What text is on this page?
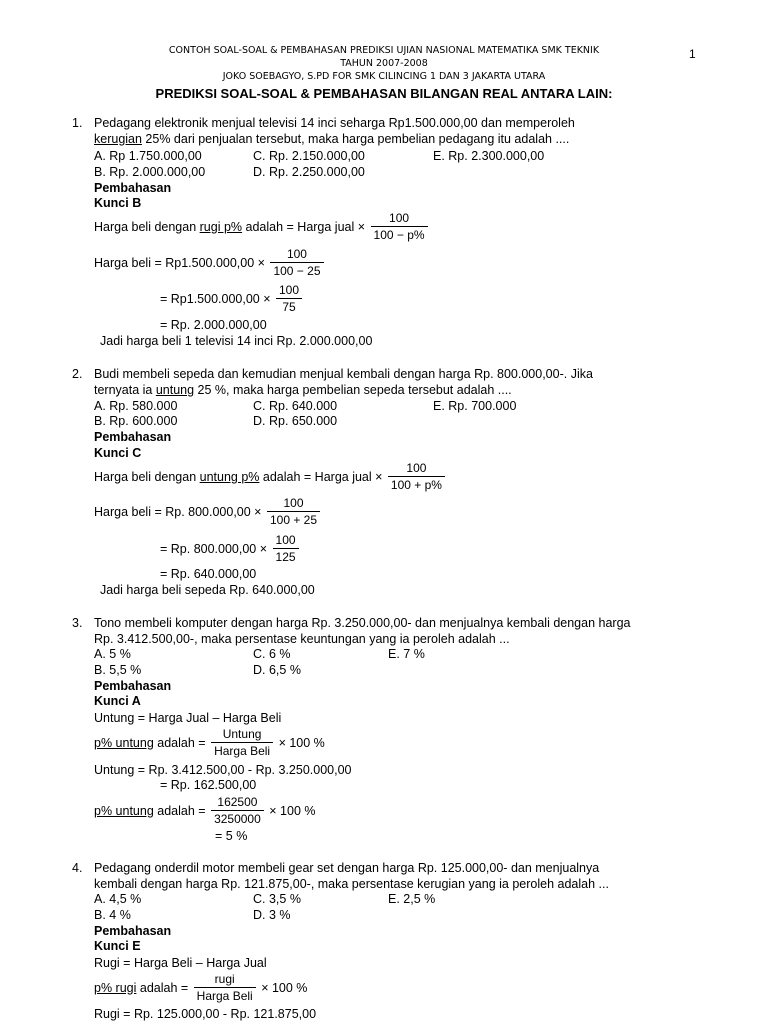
CONTOH SOAL-SOAL & PEMBAHASAN PREDIKSI UJIAN NASIONAL MATEMATIKA SMK TEKNIK
TAHUN 2007-2008
JOKO SOEBAGYO, S.PD FOR SMK CILINCING 1 DAN 3 JAKARTA UTARA
1
PREDIKSI SOAL-SOAL & PEMBAHASAN BILANGAN REAL ANTARA LAIN:
1. Pedagang elektronik menjual televisi 14 inci seharga Rp1.500.000,00 dan memperoleh
kerugian 25% dari penjualan tersebut, maka harga pembelian pedagang itu adalah ....
A. Rp 1.750.000,00	C. Rp. 2.150.000,00	E. Rp. 2.300.000,00
B. Rp. 2.000.000,00	D. Rp. 2.250.000,00
Pembahasan
Kunci B
Harga beli dengan rugi p% adalah = Harga jual × $\frac{100}{100 - p\%}$
Harga beli = $Rp1.500.000,00 \times \frac{100}{100 - 25}$
= $Rp1.500.000,00 \times \frac{100}{75}$
= Rp. 2.000.000,00
Jadi harga beli 1 televisi 14 inci Rp. 2.000.000,00
2. Budi membeli sepeda dan kemudian menjual kembali dengan harga Rp. 800.000,00-. Jika
ternyata ia untung 25 %, maka harga pembelian sepeda tersebut adalah ....
A. Rp. 580.000	C. Rp. 640.000	E. Rp. 700.000
B. Rp. 600.000	D. Rp. 650.000
Pembahasan
Kunci C
Harga beli dengan untung p% adalah = Harga jual × $\frac{100}{100 + p\%}$
Harga beli = Rp. $800.000,00 \times \frac{100}{100 + 25}$
= Rp. $800.000,00 \times \frac{100}{125}$
= Rp. 640.000,00
Jadi harga beli sepeda Rp. 640.000,00
3. Tono membeli komputer dengan harga Rp. 3.250.000,00- dan menjualnya kembali dengan harga
Rp. 3.412.500,00-, maka persentase keuntungan yang ia peroleh adalah ...
A. 5 %	C. 6 %	E. 7 %
B. 5,5 %	D. 6,5 %
Pembahasan
Kunci A
Untung = Harga Jual – Harga Beli
p% untung adalah = $\frac{\text{Untung}}{\text{Harga Beli}} \times 100$ %
Untung = Rp. 3.412.500,00 - Rp. 3.250.000,00
= Rp. 162.500,00
p% untung adalah = $\frac{162500}{3250000} \times 100$ %
= 5 %
4. Pedagang onderdil motor membeli gear set dengan harga Rp. 125.000,00- dan menjualnya
kembali dengan harga Rp. 121.875,00-, maka persentase kerugian yang ia peroleh adalah ...
A. 4,5 %	C. 3,5 %	E. 2,5 %
B. 4 %	D. 3 %
Pembahasan
Kunci E
Rugi = Harga Beli – Harga Jual
p% rugi adalah = $\frac{\text{rugi}}{\text{Harga Beli}} \times 100$ %
Rugi = Rp. 125.000,00 - Rp. 121.875,00
